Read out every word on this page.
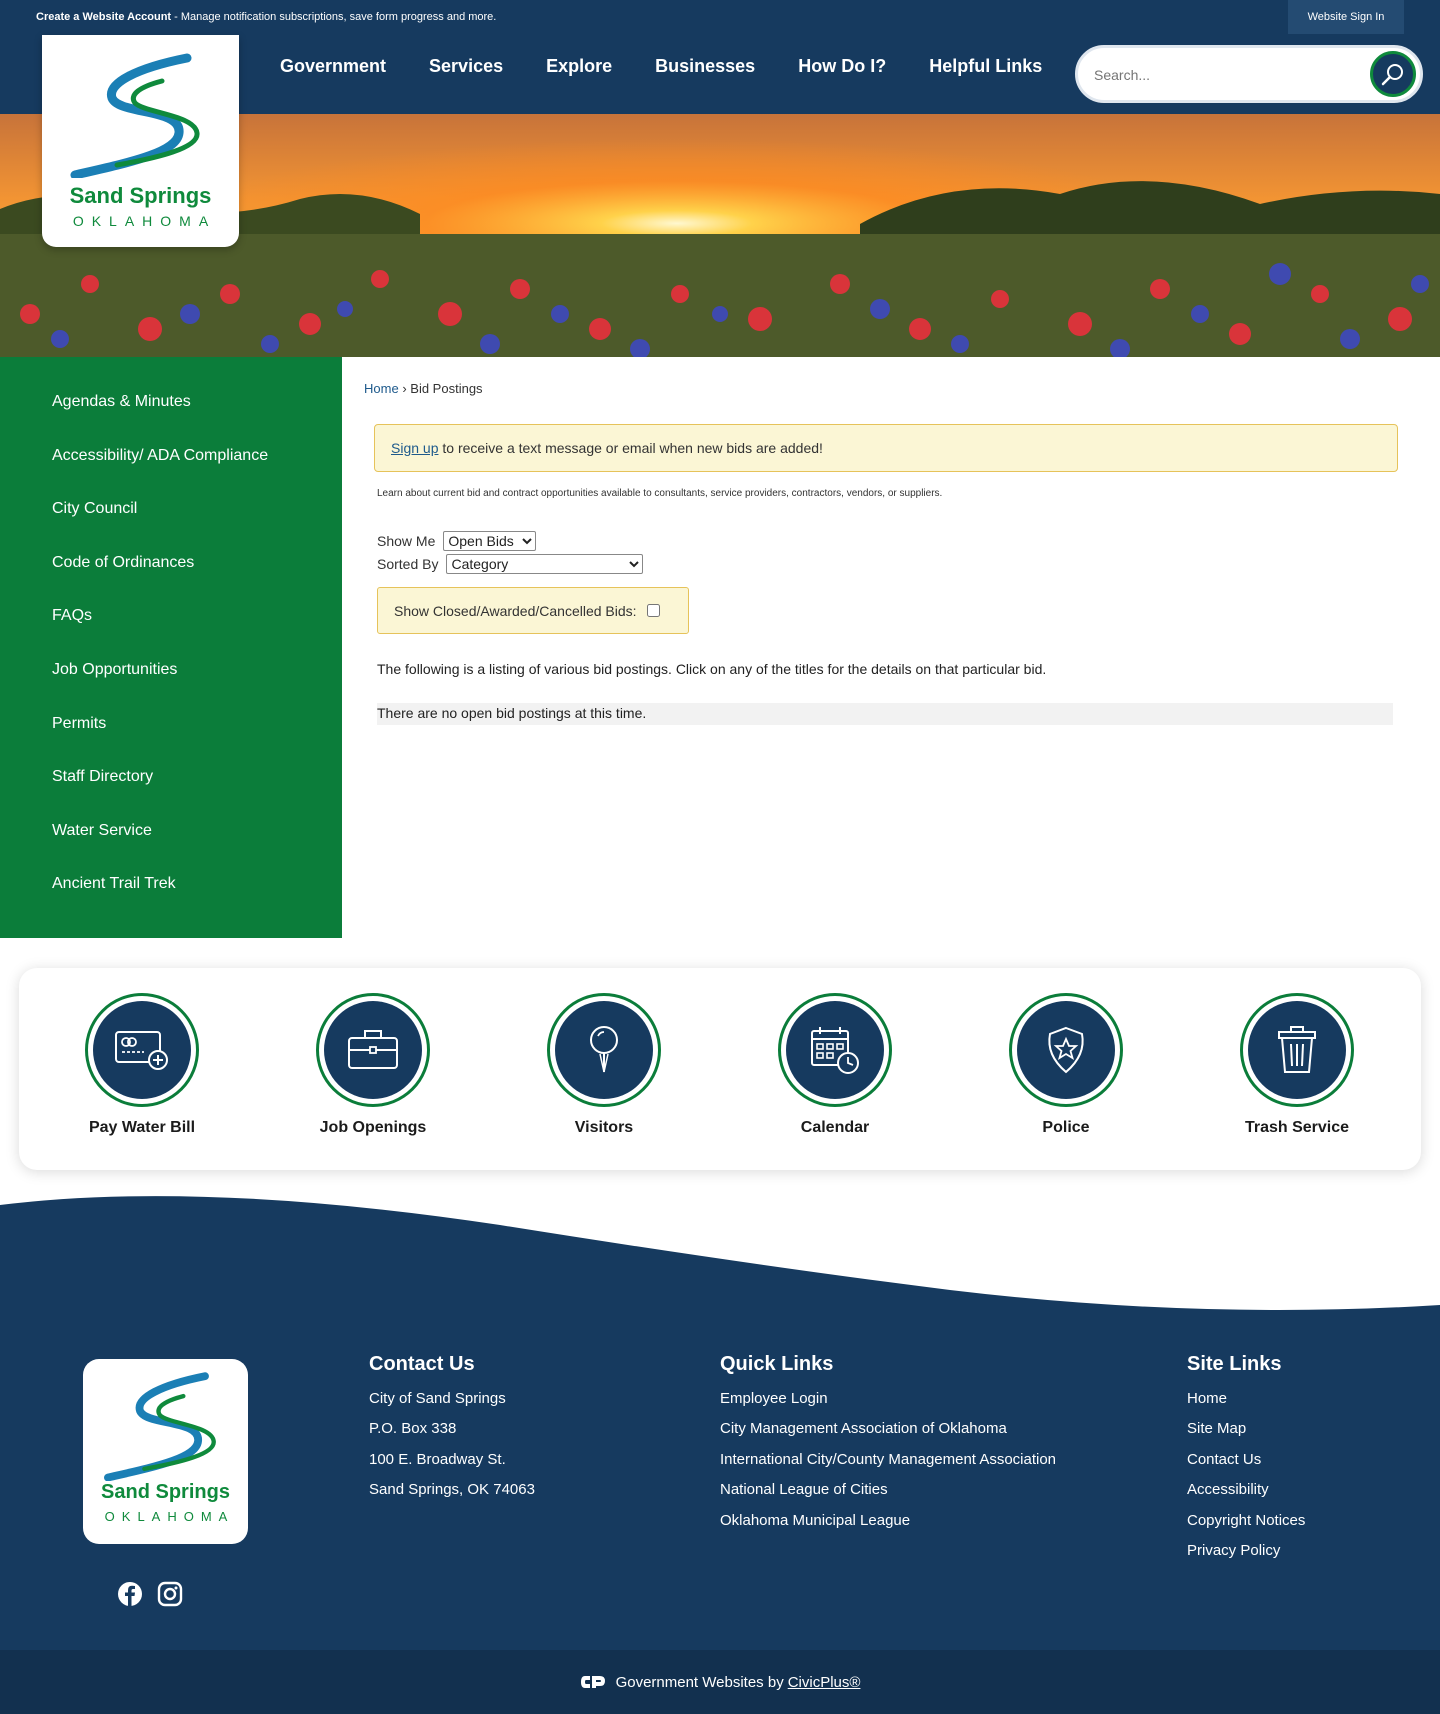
Create a Website Account - Manage notification subscriptions, save form progress and more.	Website Sign In
Government Services Explore Businesses How Do I? Helpful Links
Search...
Sand Springs
OKLAHOMA
Agendas & Minutes
Accessibility/ ADA Compliance
City Council
Code of Ordinances
FAQs
Job Opportunities
Permits
Staff Directory
Water Service
Ancient Trail Trek
Home › Bid Postings
Sign up to receive a text message or email when new bids are added!
Learn about current bid and contract opportunities available to consultants, service providers, contractors, vendors, or suppliers.
Show Me
Open Bids
Sorted By
Category
Show Closed/Awarded/Cancelled Bids:
The following is a listing of various bid postings. Click on any of the titles for the details on that particular bid.
There are no open bid postings at this time.
Pay Water Bill	Job Openings	Visitors	Calendar	Police	Trash Service
Sand Springs
OKLAHOMA
Contact Us
City of Sand Springs
P.O. Box 338
100 E. Broadway St.
Sand Springs, OK 74063
Quick Links
Employee Login
City Management Association of Oklahoma
International City/County Management Association
National League of Cities
Oklahoma Municipal League
Site Links
Home
Site Map
Contact Us
Accessibility
Copyright Notices
Privacy Policy
Government Websites by CivicPlus®
